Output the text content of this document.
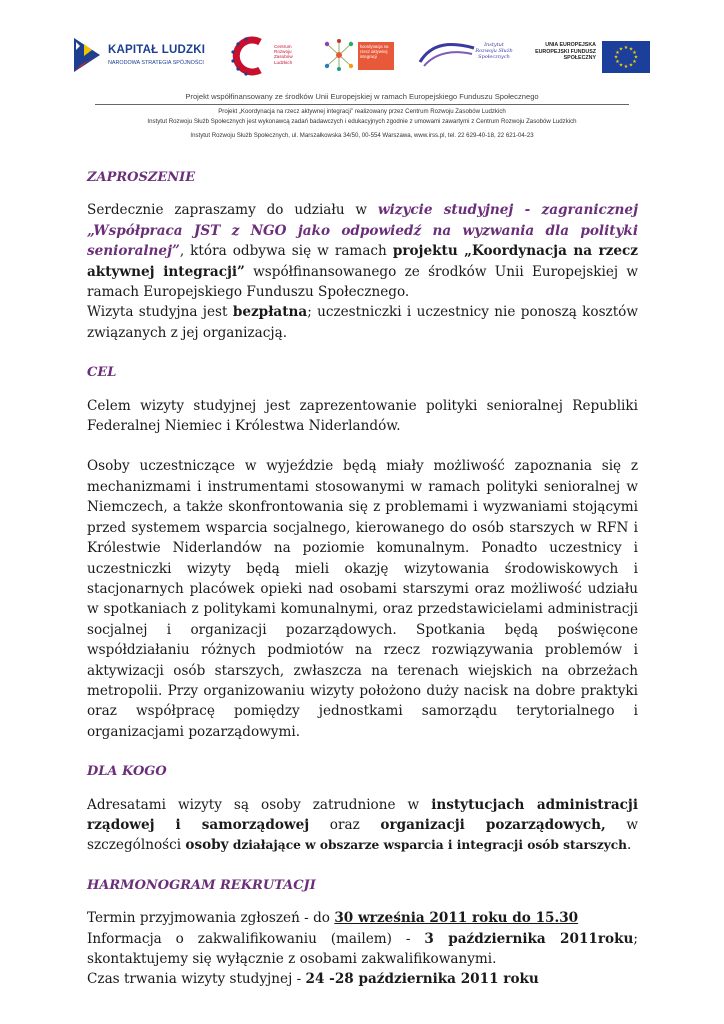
KAPITAŁ LUDZKI
NARODOWA STRATEGIA SPÓJNOŚCI
Centrum Rozwoju Zasobów Ludzkich
koordynacja na rzecz aktywnej integracji
Instytut Rozwoju Służb Społecznych
UNIA EUROPEJSKA EUROPEJSKI FUNDUSZ SPOŁECZNY
★ ★
★
★
★
★
★
★
★
★
★
★
Projekt współfinansowany ze środków Unii Europejskiej w ramach Europejskiego Funduszu Społecznego
Projekt „Koordynacja na rzecz aktywnej integracji” realizowany przez Centrum Rozwoju Zasobów Ludzkich
Instytut Rozwoju Służb Społecznych jest wykonawcą zadań badawczych i edukacyjnych zgodnie z umowami zawartymi z Centrum Rozwoju Zasobów Ludzkich
Instytut Rozwoju Służb Społecznych, ul. Marszałkowska 34/50, 00-554 Warszawa, www.irss.pl, tel. 22 629-40-18, 22 621-04-23
ZAPROSZENIE

Serdecznie zapraszamy do udziału w wizycie studyjnej - zagranicznej „Współpraca JST z NGO jako odpowiedź na wyzwania dla polityki senioralnej”, która odbywa się w ramach projektu „Koordynacja na rzecz aktywnej integracji” współfinansowanego ze środków Unii Europejskiej w ramach Europejskiego Funduszu Społecznego.

Wizyta studyjna jest bezpłatna; uczestniczki i uczestnicy nie ponoszą kosztów związanych z jej organizacją.

CEL

Celem wizyty studyjnej jest zaprezentowanie polityki senioralnej Republiki Federalnej Niemiec i Królestwa Niderlandów.

Osoby uczestniczące w wyjeździe będą miały możliwość zapoznania się z mechanizmami i instrumentami stosowanymi w ramach polityki senioralnej w Niemczech, a także skonfrontowania się z problemami i wyzwaniami stojącymi przed systemem wsparcia socjalnego, kierowanego do osób starszych w RFN i Królestwie Niderlandów na poziomie komunalnym. Ponadto uczestnicy i uczestniczki wizyty będą mieli okazję wizytowania środowiskowych i stacjonarnych placówek opieki nad osobami starszymi oraz możliwość udziału w spotkaniach z politykami komunalnymi, oraz przedstawicielami administracji socjalnej i organizacji pozarządowych. Spotkania będą poświęcone współdziałaniu różnych podmiotów na rzecz rozwiązywania problemów i aktywizacji osób starszych, zwłaszcza na terenach wiejskich na obrzeżach metropolii. Przy organizowaniu wizyty położono duży nacisk na dobre praktyki oraz współpracę pomiędzy jednostkami samorządu terytorialnego i organizacjami pozarządowymi.

DLA KOGO

Adresatami wizyty są osoby zatrudnione w instytucjach administracji rządowej i samorządowej oraz organizacji pozarządowych, w szczególności osoby działające w obszarze wsparcia i integracji osób starszych.

HARMONOGRAM REKRUTACJI

Termin przyjmowania zgłoszeń - do 30 września 2011 roku do 15.30

Informacja o zakwalifikowaniu (mailem) - 3 października 2011roku; skontaktujemy się wyłącznie z osobami zakwalifikowanymi.

Czas trwania wizyty studyjnej - 24 -28 października 2011 roku
